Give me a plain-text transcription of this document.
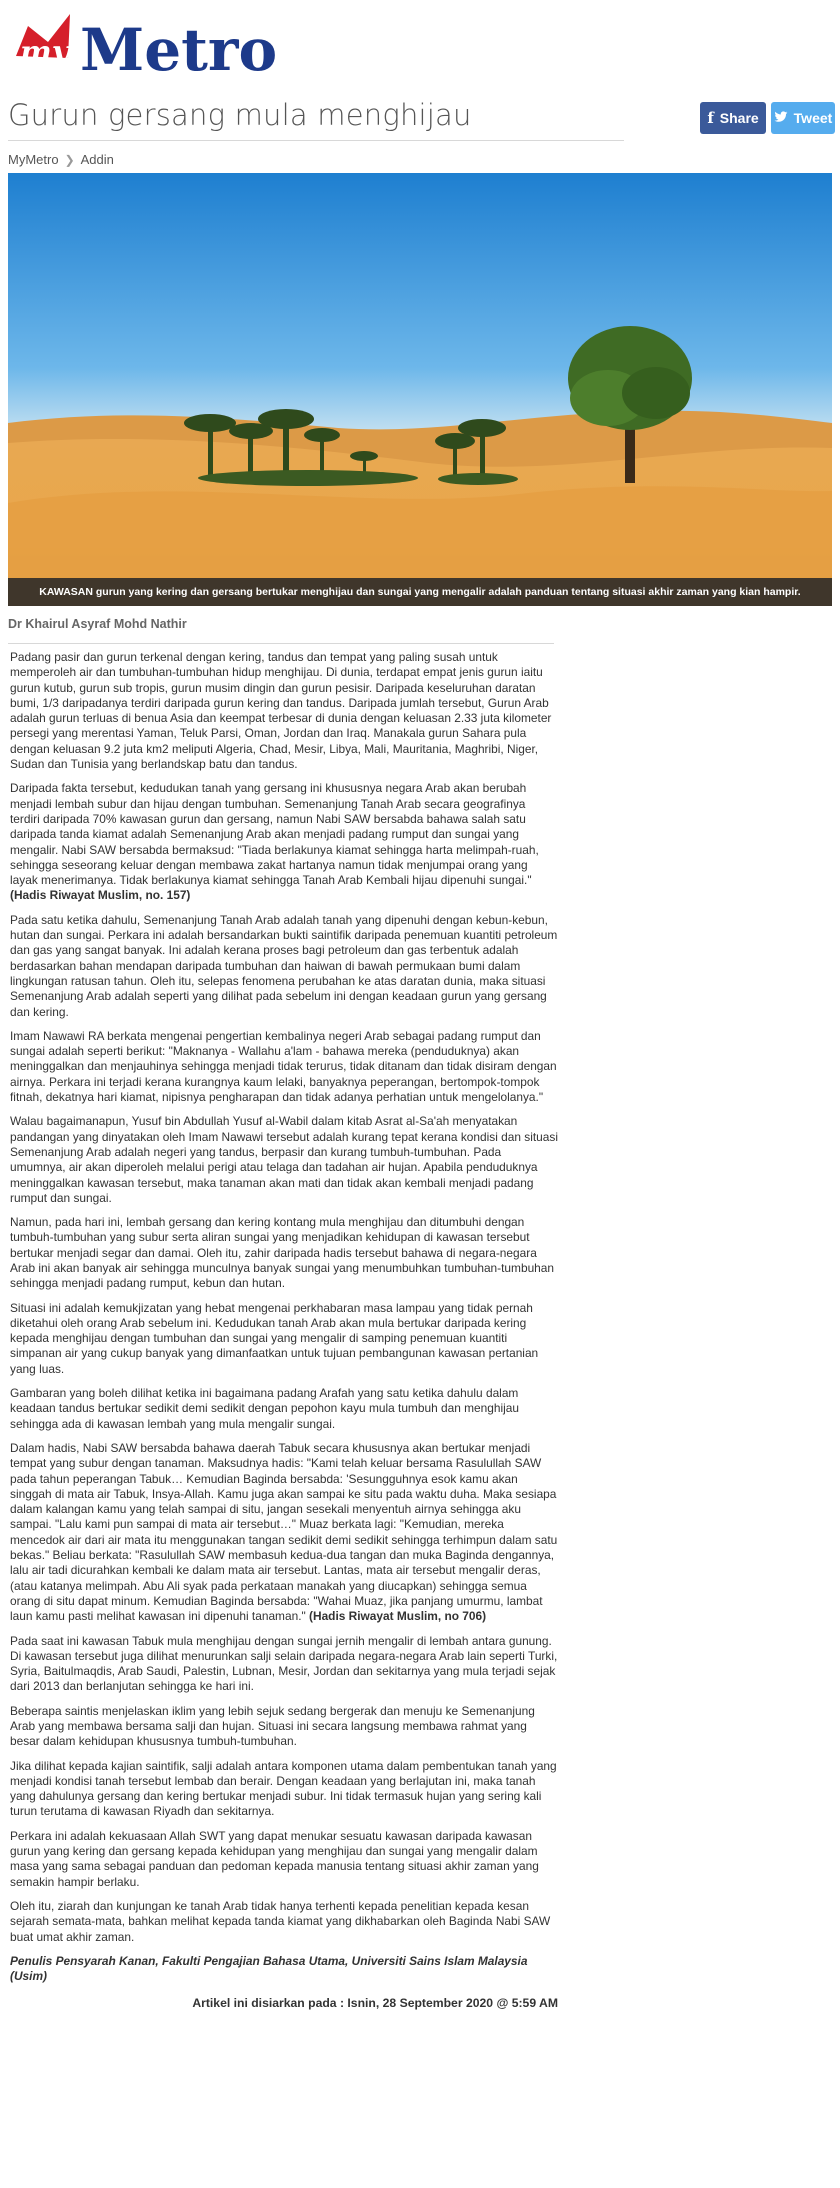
my Metro
Gurun gersang mula menghijau	f Share Tweet
MyMetro ❯ Addin
KAWASAN gurun yang kering dan gersang bertukar menghijau dan sungai yang mengalir adalah panduan tentang situasi akhir zaman yang kian hampir.
Dr Khairul Asyraf Mohd Nathir

Padang pasir dan gurun terkenal dengan kering, tandus dan tempat yang paling susah untuk memperoleh air dan tumbuhan-tumbuhan hidup menghijau. Di dunia, terdapat empat jenis gurun iaitu gurun kutub, gurun sub tropis, gurun musim dingin dan gurun pesisir. Daripada keseluruhan daratan bumi, 1/3 daripadanya terdiri daripada gurun kering dan tandus. Daripada jumlah tersebut, Gurun Arab adalah gurun terluas di benua Asia dan keempat terbesar di dunia dengan keluasan 2.33 juta kilometer persegi yang merentasi Yaman, Teluk Parsi, Oman, Jordan dan Iraq. Manakala gurun Sahara pula dengan keluasan 9.2 juta km2 meliputi Algeria, Chad, Mesir, Libya, Mali, Mauritania, Maghribi, Niger, Sudan dan Tunisia yang berlandskap batu dan tandus.

Daripada fakta tersebut, kedudukan tanah yang gersang ini khususnya negara Arab akan berubah menjadi lembah subur dan hijau dengan tumbuhan. Semenanjung Tanah Arab secara geografinya terdiri daripada 70% kawasan gurun dan gersang, namun Nabi SAW bersabda bahawa salah satu daripada tanda kiamat adalah Semenanjung Arab akan menjadi padang rumput dan sungai yang mengalir. Nabi SAW bersabda bermaksud: "Tiada berlakunya kiamat sehingga harta melimpah-ruah, sehingga seseorang keluar dengan membawa zakat hartanya namun tidak menjumpai orang yang layak menerimanya. Tidak berlakunya kiamat sehingga Tanah Arab Kembali hijau dipenuhi sungai." (Hadis Riwayat Muslim, no. 157)

Pada satu ketika dahulu, Semenanjung Tanah Arab adalah tanah yang dipenuhi dengan kebun-kebun, hutan dan sungai. Perkara ini adalah bersandarkan bukti saintifik daripada penemuan kuantiti petroleum dan gas yang sangat banyak. Ini adalah kerana proses bagi petroleum dan gas terbentuk adalah berdasarkan bahan mendapan daripada tumbuhan dan haiwan di bawah permukaan bumi dalam lingkungan ratusan tahun. Oleh itu, selepas fenomena perubahan ke atas daratan dunia, maka situasi Semenanjung Arab adalah seperti yang dilihat pada sebelum ini dengan keadaan gurun yang gersang dan kering.

Imam Nawawi RA berkata mengenai pengertian kembalinya negeri Arab sebagai padang rumput dan sungai adalah seperti berikut: "Maknanya - Wallahu a'lam - bahawa mereka (penduduknya) akan meninggalkan dan menjauhinya sehingga menjadi tidak terurus, tidak ditanam dan tidak disiram dengan airnya. Perkara ini terjadi kerana kurangnya kaum lelaki, banyaknya peperangan, bertompok-tompok fitnah, dekatnya hari kiamat, nipisnya pengharapan dan tidak adanya perhatian untuk mengelolanya."

Walau bagaimanapun, Yusuf bin Abdullah Yusuf al-Wabil dalam kitab Asrat al-Sa'ah menyatakan pandangan yang dinyatakan oleh Imam Nawawi tersebut adalah kurang tepat kerana kondisi dan situasi Semenanjung Arab adalah negeri yang tandus, berpasir dan kurang tumbuh-tumbuhan. Pada umumnya, air akan diperoleh melalui perigi atau telaga dan tadahan air hujan. Apabila penduduknya meninggalkan kawasan tersebut, maka tanaman akan mati dan tidak akan kembali menjadi padang rumput dan sungai.

Namun, pada hari ini, lembah gersang dan kering kontang mula menghijau dan ditumbuhi dengan tumbuh-tumbuhan yang subur serta aliran sungai yang menjadikan kehidupan di kawasan tersebut bertukar menjadi segar dan damai. Oleh itu, zahir daripada hadis tersebut bahawa di negara-negara Arab ini akan banyak air sehingga munculnya banyak sungai yang menumbuhkan tumbuhan-tumbuhan sehingga menjadi padang rumput, kebun dan hutan.

Situasi ini adalah kemukjizatan yang hebat mengenai perkhabaran masa lampau yang tidak pernah diketahui oleh orang Arab sebelum ini. Kedudukan tanah Arab akan mula bertukar daripada kering kepada menghijau dengan tumbuhan dan sungai yang mengalir di samping penemuan kuantiti simpanan air yang cukup banyak yang dimanfaatkan untuk tujuan pembangunan kawasan pertanian yang luas.

Gambaran yang boleh dilihat ketika ini bagaimana padang Arafah yang satu ketika dahulu dalam keadaan tandus bertukar sedikit demi sedikit dengan pepohon kayu mula tumbuh dan menghijau sehingga ada di kawasan lembah yang mula mengalir sungai.

Dalam hadis, Nabi SAW bersabda bahawa daerah Tabuk secara khususnya akan bertukar menjadi tempat yang subur dengan tanaman. Maksudnya hadis: "Kami telah keluar bersama Rasulullah SAW pada tahun peperangan Tabuk… Kemudian Baginda bersabda: 'Sesungguhnya esok kamu akan singgah di mata air Tabuk, Insya-Allah. Kamu juga akan sampai ke situ pada waktu duha. Maka sesiapa dalam kalangan kamu yang telah sampai di situ, jangan sesekali menyentuh airnya sehingga aku sampai. "Lalu kami pun sampai di mata air tersebut…" Muaz berkata lagi: "Kemudian, mereka mencedok air dari air mata itu menggunakan tangan sedikit demi sedikit sehingga terhimpun dalam satu bekas." Beliau berkata: "Rasulullah SAW membasuh kedua-dua tangan dan muka Baginda dengannya, lalu air tadi dicurahkan kembali ke dalam mata air tersebut. Lantas, mata air tersebut mengalir deras, (atau katanya melimpah. Abu Ali syak pada perkataan manakah yang diucapkan) sehingga semua orang di situ dapat minum. Kemudian Baginda bersabda: "Wahai Muaz, jika panjang umurmu, lambat laun kamu pasti melihat kawasan ini dipenuhi tanaman." (Hadis Riwayat Muslim, no 706)

Pada saat ini kawasan Tabuk mula menghijau dengan sungai jernih mengalir di lembah antara gunung. Di kawasan tersebut juga dilihat menurunkan salji selain daripada negara-negara Arab lain seperti Turki, Syria, Baitulmaqdis, Arab Saudi, Palestin, Lubnan, Mesir, Jordan dan sekitarnya yang mula terjadi sejak dari 2013 dan berlanjutan sehingga ke hari ini.

Beberapa saintis menjelaskan iklim yang lebih sejuk sedang bergerak dan menuju ke Semenanjung Arab yang membawa bersama salji dan hujan. Situasi ini secara langsung membawa rahmat yang besar dalam kehidupan khususnya tumbuh-tumbuhan.

Jika dilihat kepada kajian saintifik, salji adalah antara komponen utama dalam pembentukan tanah yang menjadi kondisi tanah tersebut lembab dan berair. Dengan keadaan yang berlajutan ini, maka tanah yang dahulunya gersang dan kering bertukar menjadi subur. Ini tidak termasuk hujan yang sering kali turun terutama di kawasan Riyadh dan sekitarnya.

Perkara ini adalah kekuasaan Allah SWT yang dapat menukar sesuatu kawasan daripada kawasan gurun yang kering dan gersang kepada kehidupan yang menghijau dan sungai yang mengalir dalam masa yang sama sebagai panduan dan pedoman kepada manusia tentang situasi akhir zaman yang semakin hampir berlaku.

Oleh itu, ziarah dan kunjungan ke tanah Arab tidak hanya terhenti kepada penelitian kepada kesan sejarah semata-mata, bahkan melihat kepada tanda kiamat yang dikhabarkan oleh Baginda Nabi SAW buat umat akhir zaman.

Penulis Pensyarah Kanan, Fakulti Pengajian Bahasa Utama, Universiti Sains Islam Malaysia (Usim)

Artikel ini disiarkan pada : Isnin, 28 September 2020 @ 5:59 AM
